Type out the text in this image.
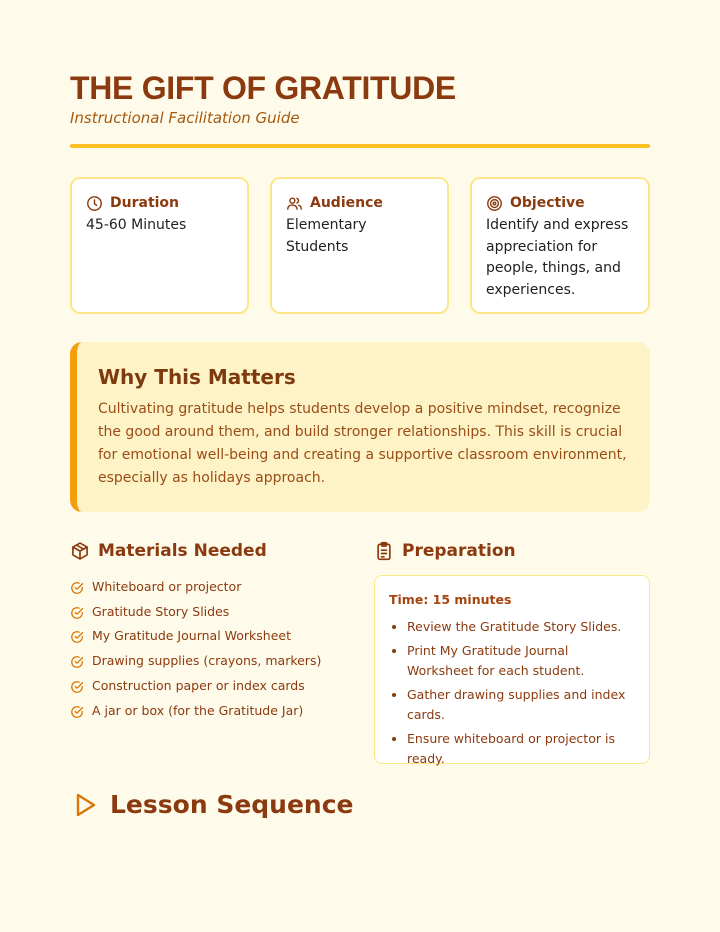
THE GIFT OF GRATITUDE
Instructional Facilitation Guide
Duration
45-60 Minutes
Audience
Elementary Students
Objective
Identify and express appreciation for people, things, and experiences.
Why This Matters

Cultivating gratitude helps students develop a positive mindset, recognize the good around them, and build stronger relationships. This skill is crucial for emotional well-being and creating a supportive classroom environment, especially as holidays approach.

Materials Needed
Whiteboard or projector
Gratitude Story Slides
My Gratitude Journal Worksheet
Drawing supplies (crayons, markers)
Construction paper or index cards
A jar or box (for the Gratitude Jar)
Preparation
Time: 15 minutes
• Review the Gratitude Story Slides.
• Print My Gratitude Journal Worksheet for each student.
• Gather drawing supplies and index cards.
• Ensure whiteboard or projector is ready.
Lesson Sequence
